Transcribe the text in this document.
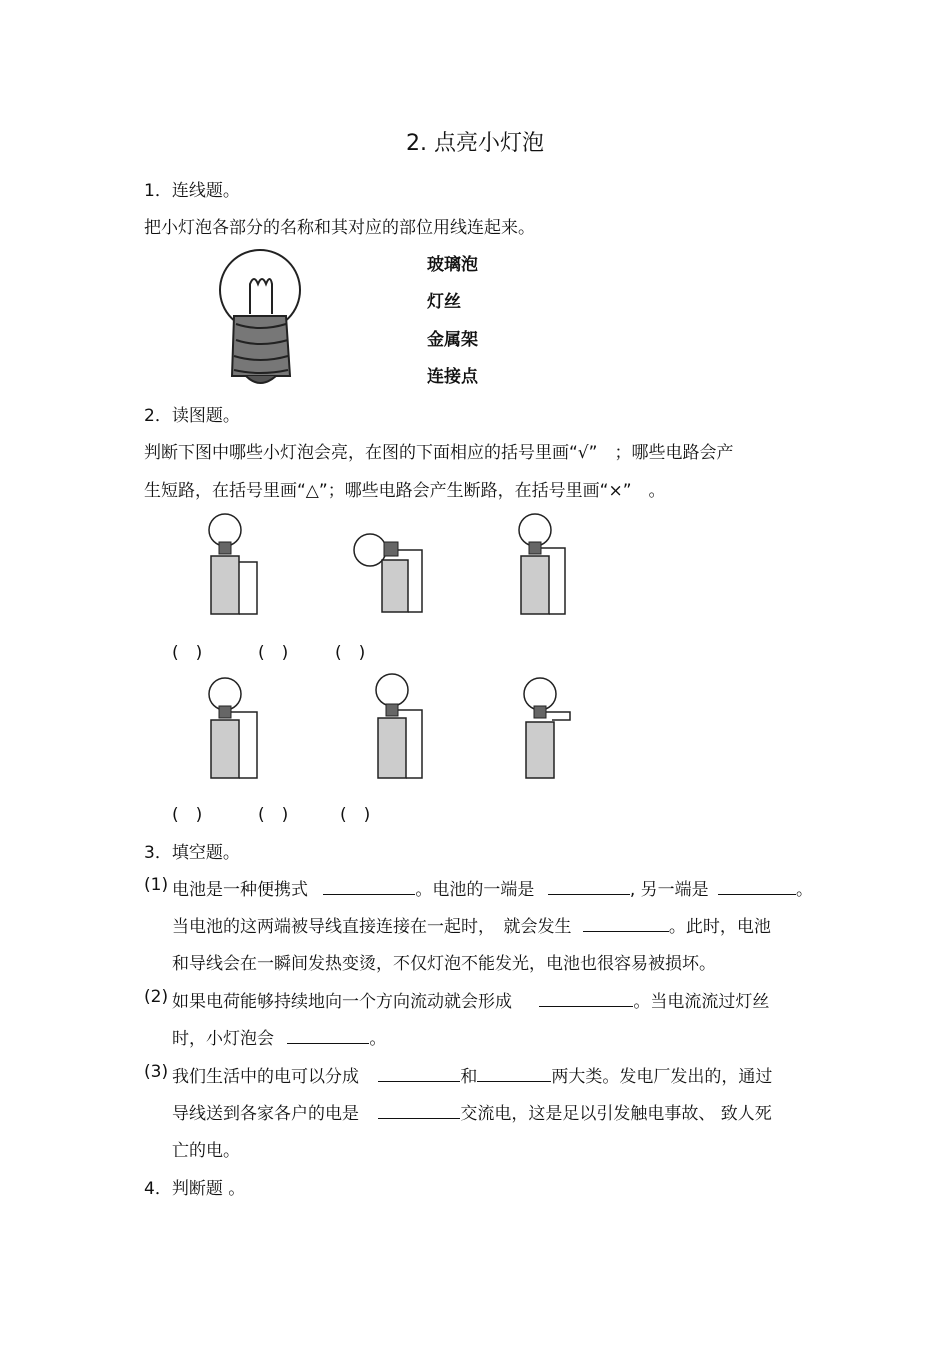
2. 点亮小灯泡
1．连线题。
把小灯泡各部分的名称和其对应的部位用线连起来。
玻璃泡
灯丝
金属架
连接点
2．读图题。
判断下图中哪些小灯泡会亮，在图的下面相应的括号里画“√”　；哪些电路会产
生短路，在括号里画“△”；哪些电路会产生断路，在括号里画“×”　。
(　)	(　)	(　)
(　)	(　)	(　)
3．填空题。
(1) 电池是一种便携式	。电池的一端是	, 另一端是	。
当电池的这两端被导线直接连接在一起时，　就会发生	。此时，电池
和导线会在一瞬间发热变烫，不仅灯泡不能发光，电池也很容易被损坏。
(2) 如果电荷能够持续地向一个方向流动就会形成	。当电流流过灯丝
时，小灯泡会	。
(3) 我们生活中的电可以分成	和	两大类。发电厂发出的，通过
导线送到各家各户的电是	交流电，这是足以引发触电事故、 致人死
亡的电。
4．判断题 。
